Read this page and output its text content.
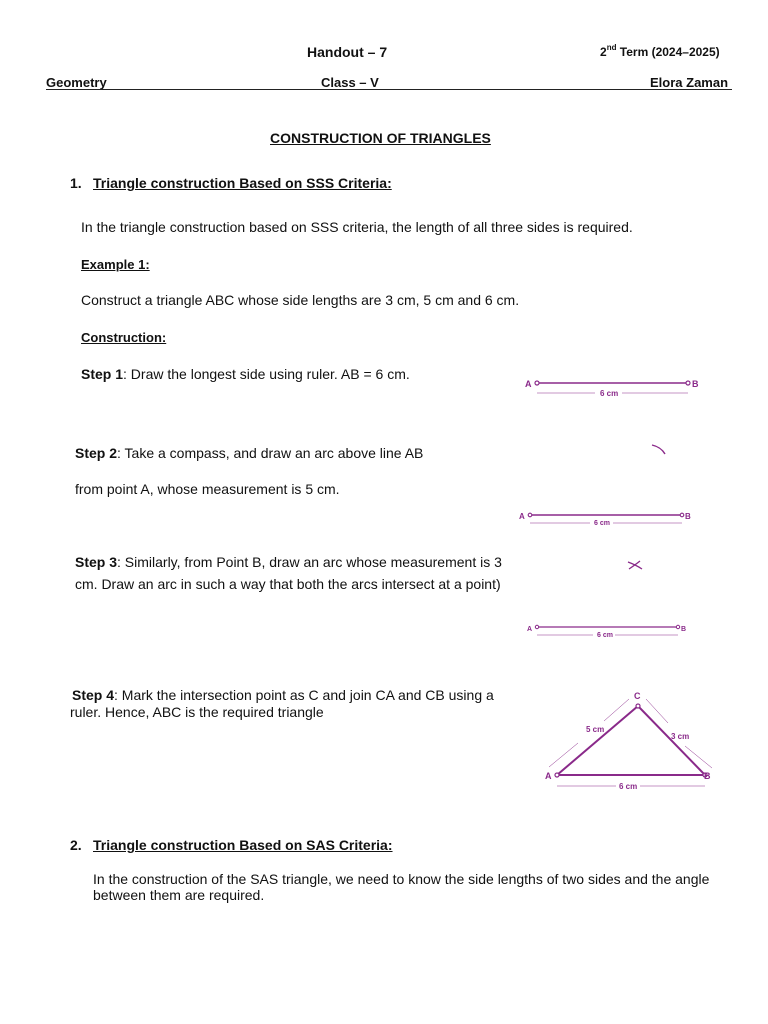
Handout – 7	2nd Term (2024–2025)
Geometry	Class – V	Elora Zaman
CONSTRUCTION OF TRIANGLES
1. Triangle construction Based on SSS Criteria:
In the triangle construction based on SSS criteria, the length of all three sides is required.
Example 1:
Construct a triangle ABC whose side lengths are 3 cm, 5 cm and 6 cm.
Construction:
Step 1: Draw the longest side using ruler. AB = 6 cm.
Step 2: Take a compass, and draw an arc above line AB
from point A, whose measurement is 5 cm.
Step 3: Similarly, from Point B, draw an arc whose measurement is 3
cm. Draw an arc in such a way that both the arcs intersect at a point)
Step 4: Mark the intersection point as C and join CA and CB using a
ruler. Hence, ABC is the required triangle
A	B
6 cm
A	B
6 cm
A	B
6 cm
A	B
C
5 cm
3 cm
6 cm
2. Triangle construction Based on SAS Criteria:
In the construction of the SAS triangle, we need to know the side lengths of two sides and the angle between them are required.
